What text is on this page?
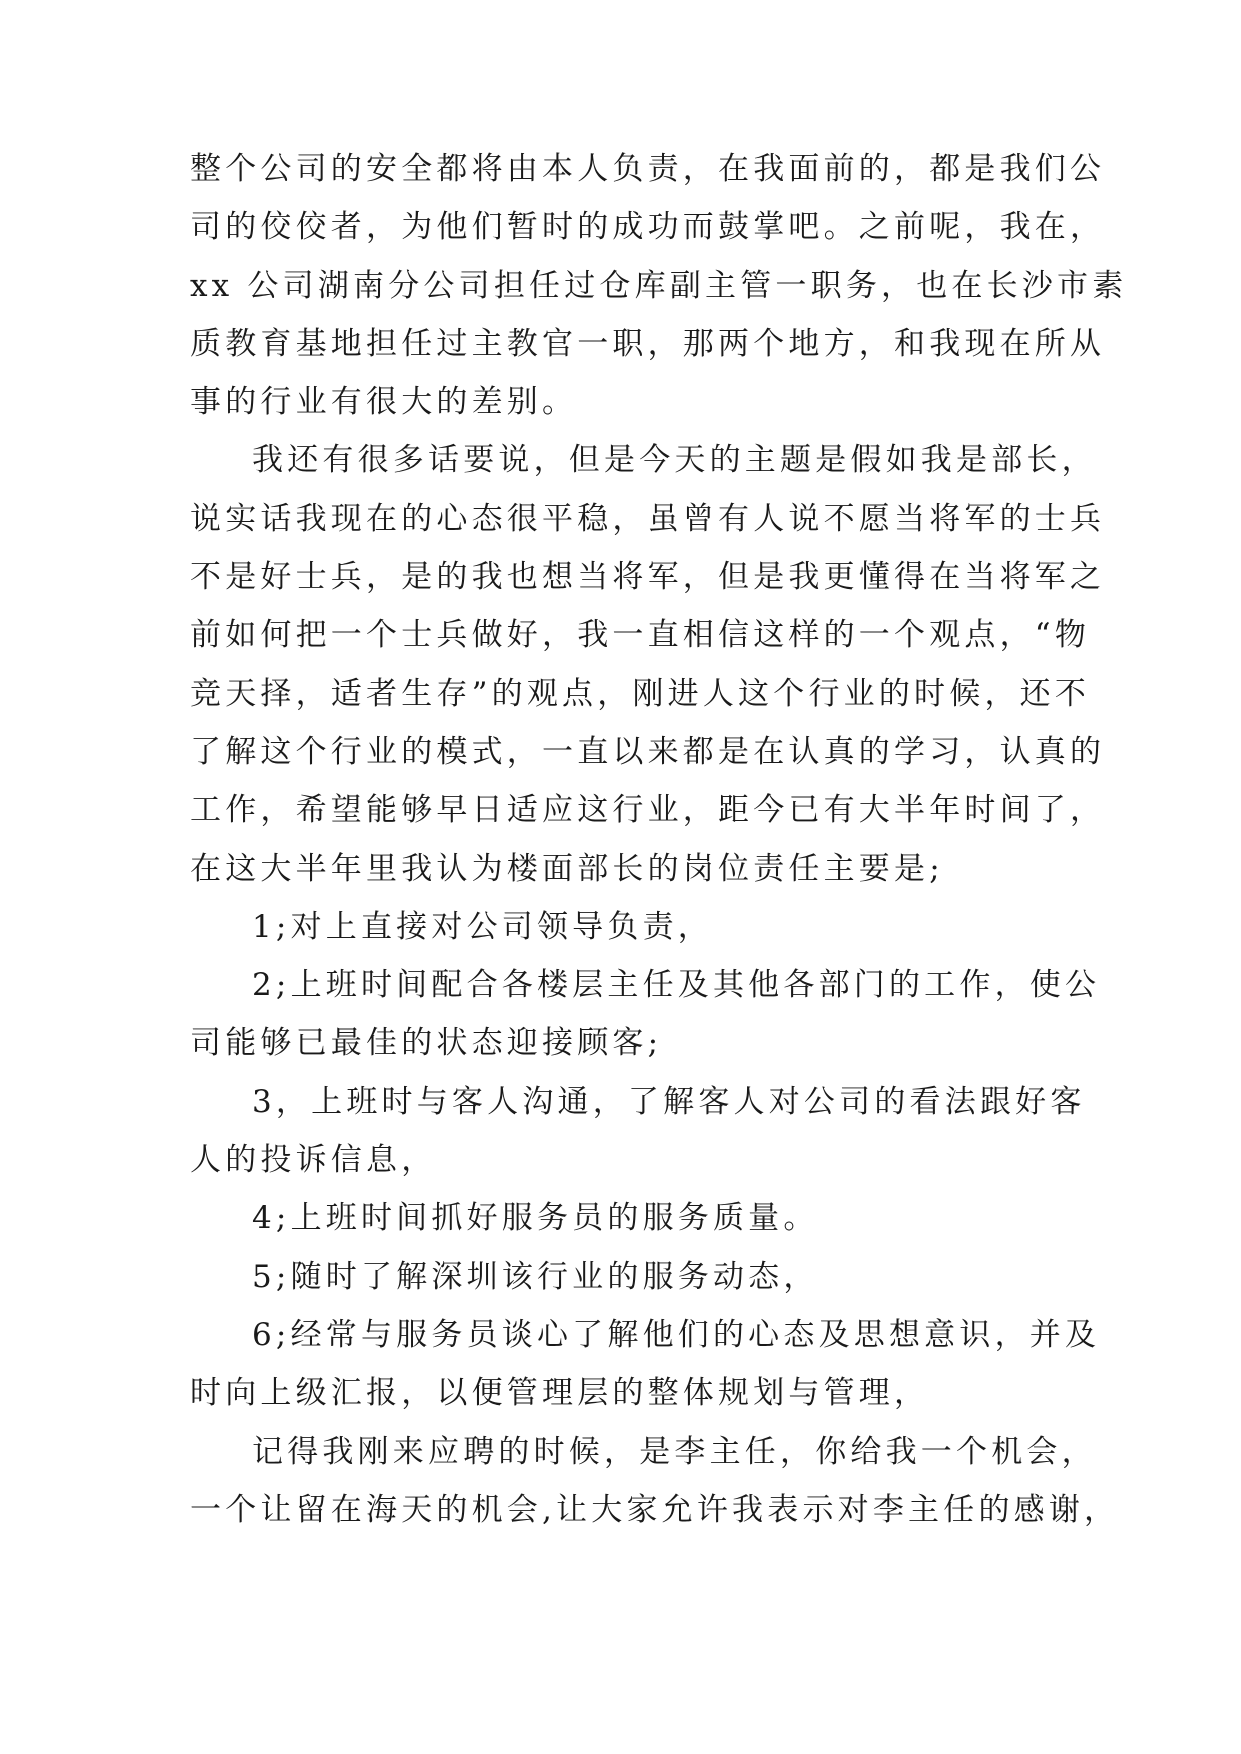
整个公司的安全都将由本人负责，在我面前的，都是我们公
司的佼佼者，为他们暂时的成功而鼓掌吧。之前呢，我在，
xx 公司湖南分公司担任过仓库副主管一职务，也在长沙市素
质教育基地担任过主教官一职，那两个地方，和我现在所从
事的行业有很大的差别。

我还有很多话要说，但是今天的主题是假如我是部长，
说实话我现在的心态很平稳，虽曾有人说不愿当将军的士兵
不是好士兵，是的我也想当将军，但是我更懂得在当将军之
前如何把一个士兵做好，我一直相信这样的一个观点，“物
竞天择，适者生存”的观点，刚进人这个行业的时候，还不
了解这个行业的模式，一直以来都是在认真的学习，认真的
工作，希望能够早日适应这行业，距今已有大半年时间了，
在这大半年里我认为楼面部长的岗位责任主要是;

1;对上直接对公司领导负责，

2;上班时间配合各楼层主任及其他各部门的工作，使公
司能够已最佳的状态迎接顾客;

3，上班时与客人沟通，了解客人对公司的看法跟好客
人的投诉信息，

4;上班时间抓好服务员的服务质量。

5;随时了解深圳该行业的服务动态，

6;经常与服务员谈心了解他们的心态及思想意识，并及
时向上级汇报，以便管理层的整体规划与管理，

记得我刚来应聘的时候，是李主任，你给我一个机会，
一个让留在海天的机会,让大家允许我表示对李主任的感谢，
